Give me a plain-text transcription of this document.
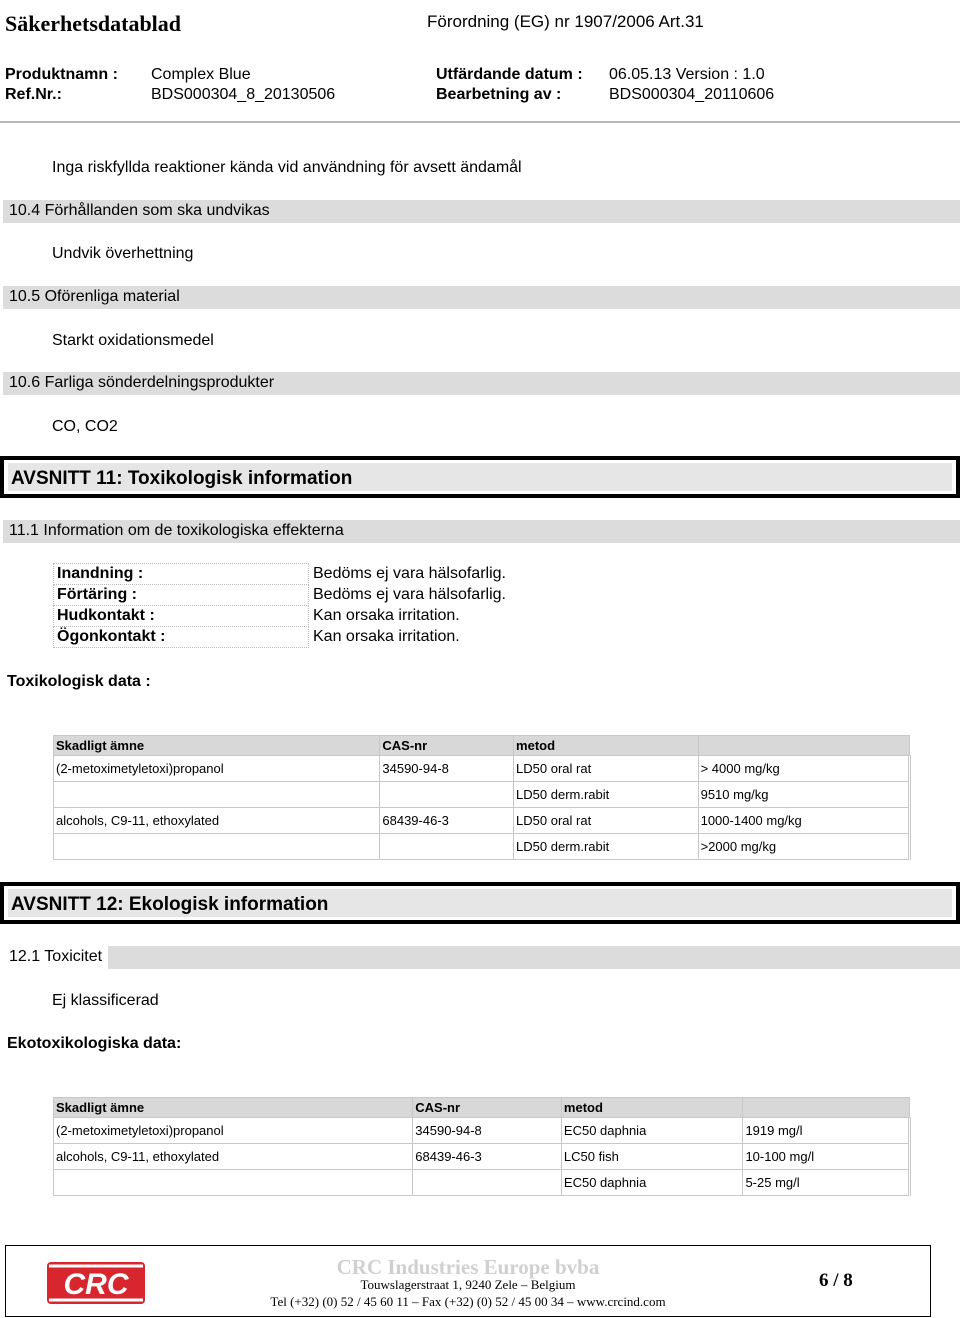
Säkerhetsdatablad	Förordning (EG) nr 1907/2006 Art.31
Produktnamn : Complex Blue	Utfärdande datum : 06.05.13 Version : 1.0
Ref.Nr.:	BDS000304_8_20130506	Bearbetning av :	BDS000304_20110606
Inga riskfyllda reaktioner kända vid användning för avsett ändamål
10.4 Förhållanden som ska undvikas
Undvik överhettning
10.5 Oförenliga material
Starkt oxidationsmedel
10.6 Farliga sönderdelningsprodukter
CO, CO2
AVSNITT 11: Toxikologisk information
11.1 Information om de toxikologiska effekterna
Inandning :	Bedöms ej vara hälsofarlig.
Förtäring :	Bedöms ej vara hälsofarlig.
Hudkontakt :	Kan orsaka irritation.
Ögonkontakt :	Kan orsaka irritation.
Toxikologisk data :
Skadligt ämne	CAS-nr	metod	
(2-metoximetyletoxi)propanol	34590-94-8	LD50 oral rat	> 4000 mg/kg
		LD50 derm.rabit	9510 mg/kg
alcohols, C9-11, ethoxylated	68439-46-3	LD50 oral rat	1000-1400 mg/kg
		LD50 derm.rabit	>2000 mg/kg
AVSNITT 12: Ekologisk information
12.1 Toxicitet
Ej klassificerad
Ekotoxikologiska data:
Skadligt ämne	CAS-nr	metod	
(2-metoximetyletoxi)propanol	34590-94-8	EC50 daphnia	1919 mg/l
alcohols, C9-11, ethoxylated	68439-46-3	LC50 fish	10-100 mg/l
		EC50 daphnia	5-25 mg/l
CRC
CRC Industries Europe bvba
Touwslagerstraat 1, 9240 Zele – Belgium
Tel (+32) (0) 52 / 45 60 11 – Fax (+32) (0) 52 / 45 00 34 – www.crcind.com
6 / 8
